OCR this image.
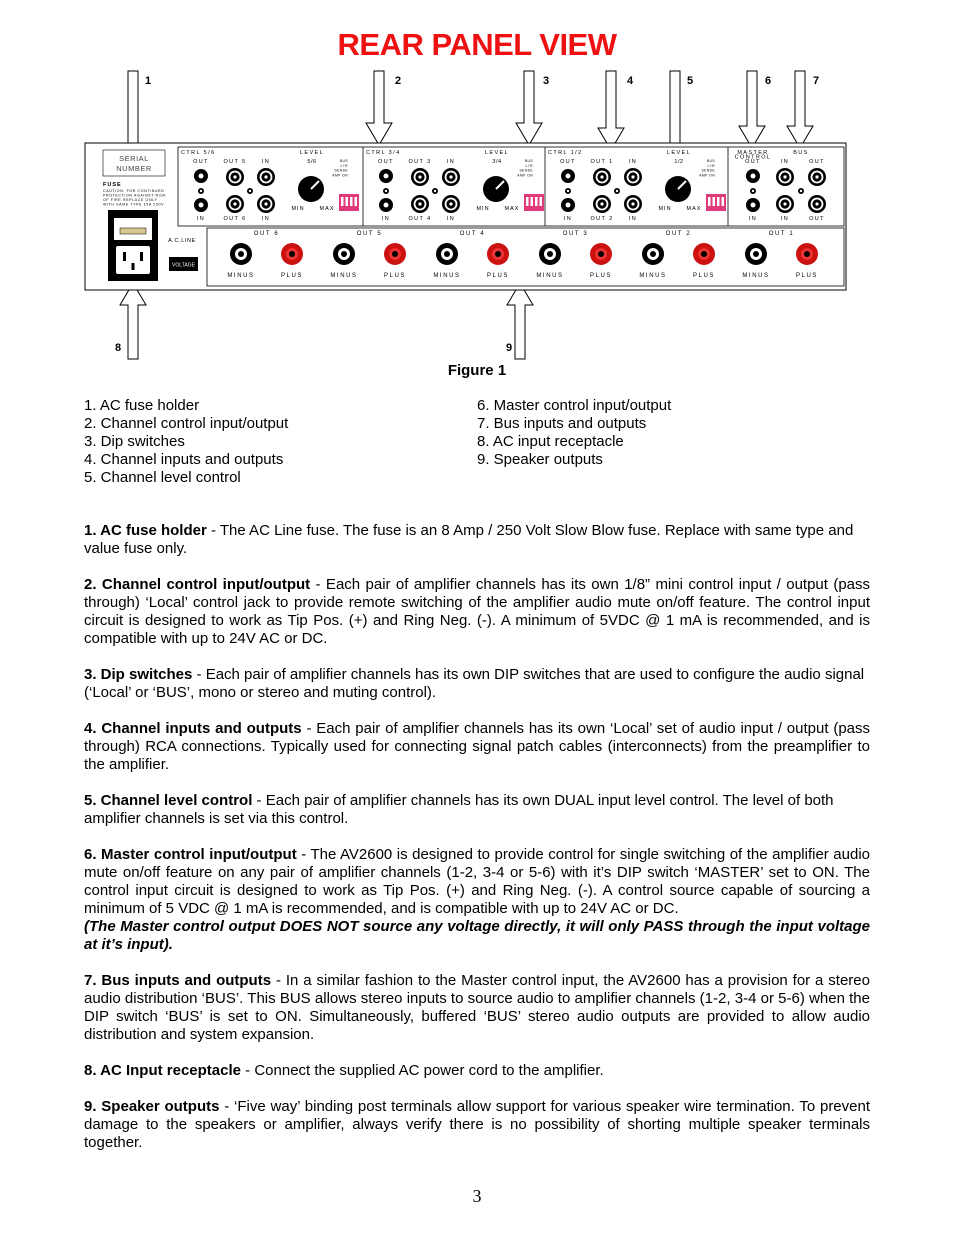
REAR PANEL VIEW
SERIAL
NUMBER
FUSE
CAUTION: FOR CONTINUED
PROTECTION AGAINST RISK
OF FIRE REPLACE ONLY
WITH SAME TYPE 15A 250V
A.C.LINE
VOLTAGE
CTRL 5/6	LEVEL
OUT	OUT 5	IN	5/6
IN	OUT 6	IN
MIN	MAX
BUS
L+R
SENSE
AMP ON
CTRL 3/4	LEVEL
OUT	OUT 3	IN	3/4
IN	OUT 4	IN
MIN	MAX
BUS
L+R
SENSE
AMP ON
CTRL 1/2	LEVEL
OUT	OUT 1	IN	1/2
IN	OUT 2	IN
MIN	MAX
BUS
L+R
SENSE
AMP ON
MASTER
CONTROL
BUS
OUT	IN	OUT
IN	IN	OUT
OUT 6
MINUS	PLUS
OUT 5
MINUS	PLUS
OUT 4
MINUS	PLUS
OUT 3
MINUS	PLUS
OUT 2
MINUS	PLUS
OUT 1
MINUS	PLUS
1	2	3	4	5	6	7
8	9
Figure 1
1. AC fuse holder
2. Channel control input/output
3. Dip switches
4. Channel inputs and outputs
5. Channel level control
6. Master control input/output
7. Bus inputs and outputs
8. AC input receptacle
9. Speaker outputs

1. AC fuse holder - The AC Line fuse. The fuse is an 8 Amp / 250 Volt Slow Blow fuse. Replace with same type and value fuse only.

2. Channel control input/output - Each pair of amplifier channels has its own 1/8” mini control input / output (pass through) ‘Local’ control jack to provide remote switching of the amplifier audio mute on/off feature. The control input circuit is designed to work as Tip Pos. (+) and Ring Neg. (-). A minimum of 5VDC @ 1 mA is recommended, and is compatible with up to 24V AC or DC.

3. Dip switches - Each pair of amplifier channels has its own DIP switches that are used to configure the audio signal (‘Local’ or ‘BUS’, mono or stereo and muting control).

4. Channel inputs and outputs - Each pair of amplifier channels has its own ‘Local’ set of audio input / output (pass through) RCA connections. Typically used for connecting signal patch cables (interconnects) from the preamplifier to the amplifier.

5. Channel level control - Each pair of amplifier channels has its own DUAL input level control. The level of both amplifier channels is set via this control.

6. Master control input/output - The AV2600 is designed to provide control for single switching of the amplifier audio mute on/off feature on any pair of amplifier channels (1-2, 3-4 or 5-6) with it’s DIP switch ‘MASTER’ set to ON. The control input circuit is designed to work as Tip Pos. (+) and Ring Neg. (-). A control source capable of sourcing a minimum of 5 VDC @ 1 mA is recommended, and is compatible with up to 24V AC or DC.

(The Master control output DOES NOT source any voltage directly, it will only PASS through the input voltage at it’s input).

7. Bus inputs and outputs - In a similar fashion to the Master control input, the AV2600 has a provision for a stereo audio distribution ‘BUS’. This BUS allows stereo inputs to source audio to amplifier channels (1-2, 3-4 or 5-6) when the DIP switch ‘BUS’ is set to ON. Simultaneously, buffered ‘BUS’ stereo audio outputs are provided to allow audio distribution and system expansion.

8. AC Input receptacle - Connect the supplied AC power cord to the amplifier.

9. Speaker outputs - ‘Five way’ binding post terminals allow support for various speaker wire termination. To prevent damage to the speakers or amplifier, always verify there is no possibility of shorting multiple speaker terminals together.

3
